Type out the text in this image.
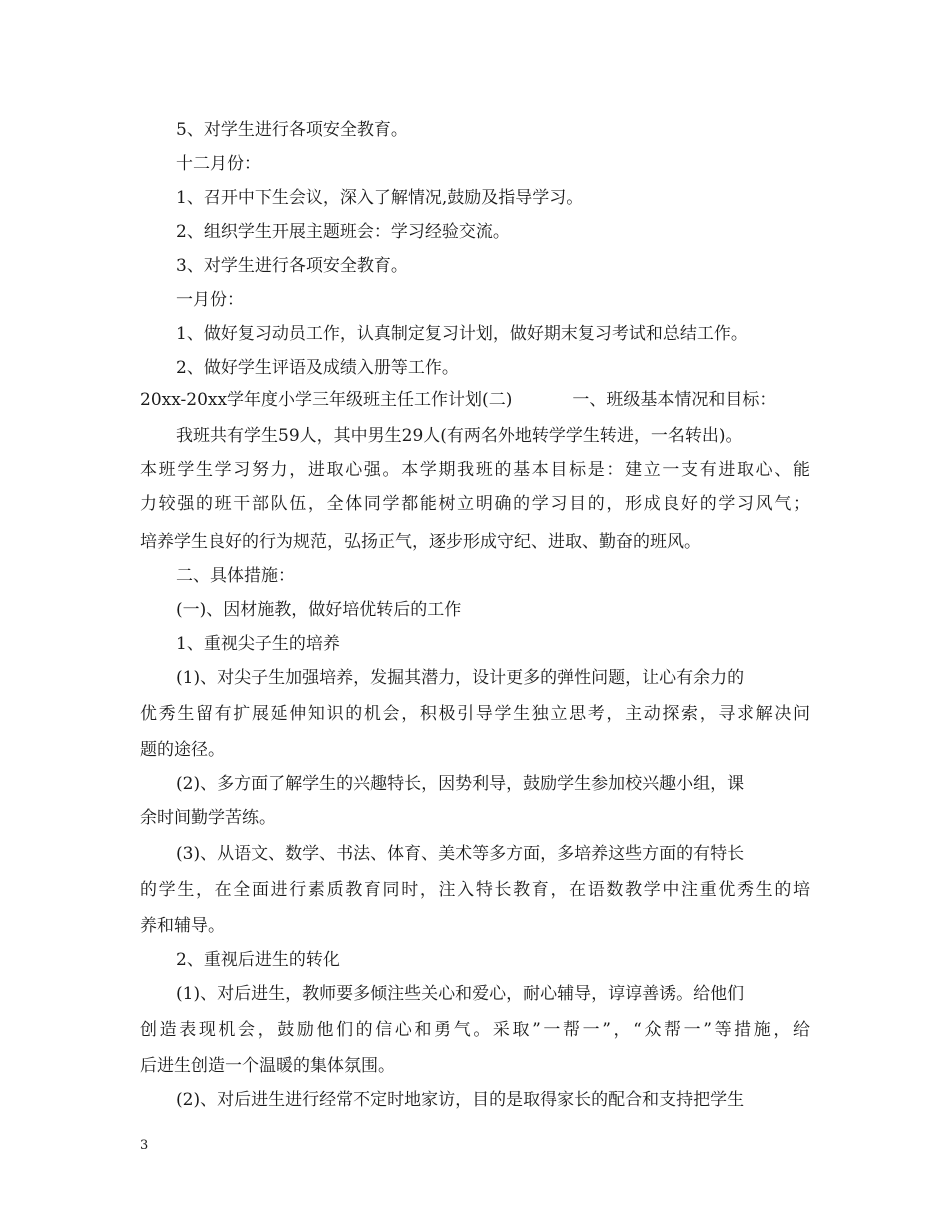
5、对学生进行各项安全教育。
十二月份：
1、召开中下生会议，深入了解情况,鼓励及指导学习。
2、组织学生开展主题班会：学习经验交流。
3、对学生进行各项安全教育。
一月份：
1、做好复习动员工作，认真制定复习计划，做好期末复习考试和总结工作。
2、做好学生评语及成绩入册等工作。
20xx-20xx学年度小学三年级班主任工作计划(二)	一、班级基本情况和目标：
我班共有学生59人，其中男生29人(有两名外地转学学生转进，一名转出)。
本班学生学习努力，进取心强。本学期我班的基本目标是：建立一支有进取心、能
力较强的班干部队伍，全体同学都能树立明确的学习目的，形成良好的学习风气；
培养学生良好的行为规范，弘扬正气，逐步形成守纪、进取、勤奋的班风。
二、具体措施：
(一)、因材施教，做好培优转后的工作
1、重视尖子生的培养
(1)、对尖子生加强培养，发掘其潜力，设计更多的弹性问题，让心有余力的
优秀生留有扩展延伸知识的机会，积极引导学生独立思考，主动探索，寻求解决问
题的途径。
(2)、多方面了解学生的兴趣特长，因势利导，鼓励学生参加校兴趣小组，课
余时间勤学苦练。
(3)、从语文、数学、书法、体育、美术等多方面，多培养这些方面的有特长
的学生，在全面进行素质教育同时，注入特长教育，在语数教学中注重优秀生的培
养和辅导。
2、重视后进生的转化
(1)、对后进生，教师要多倾注些关心和爱心，耐心辅导，谆谆善诱。给他们
创造表现机会，鼓励他们的信心和勇气。采取”一帮一”，“众帮一”等措施，给
后进生创造一个温暖的集体氛围。
(2)、对后进生进行经常不定时地家访，目的是取得家长的配合和支持把学生
3
